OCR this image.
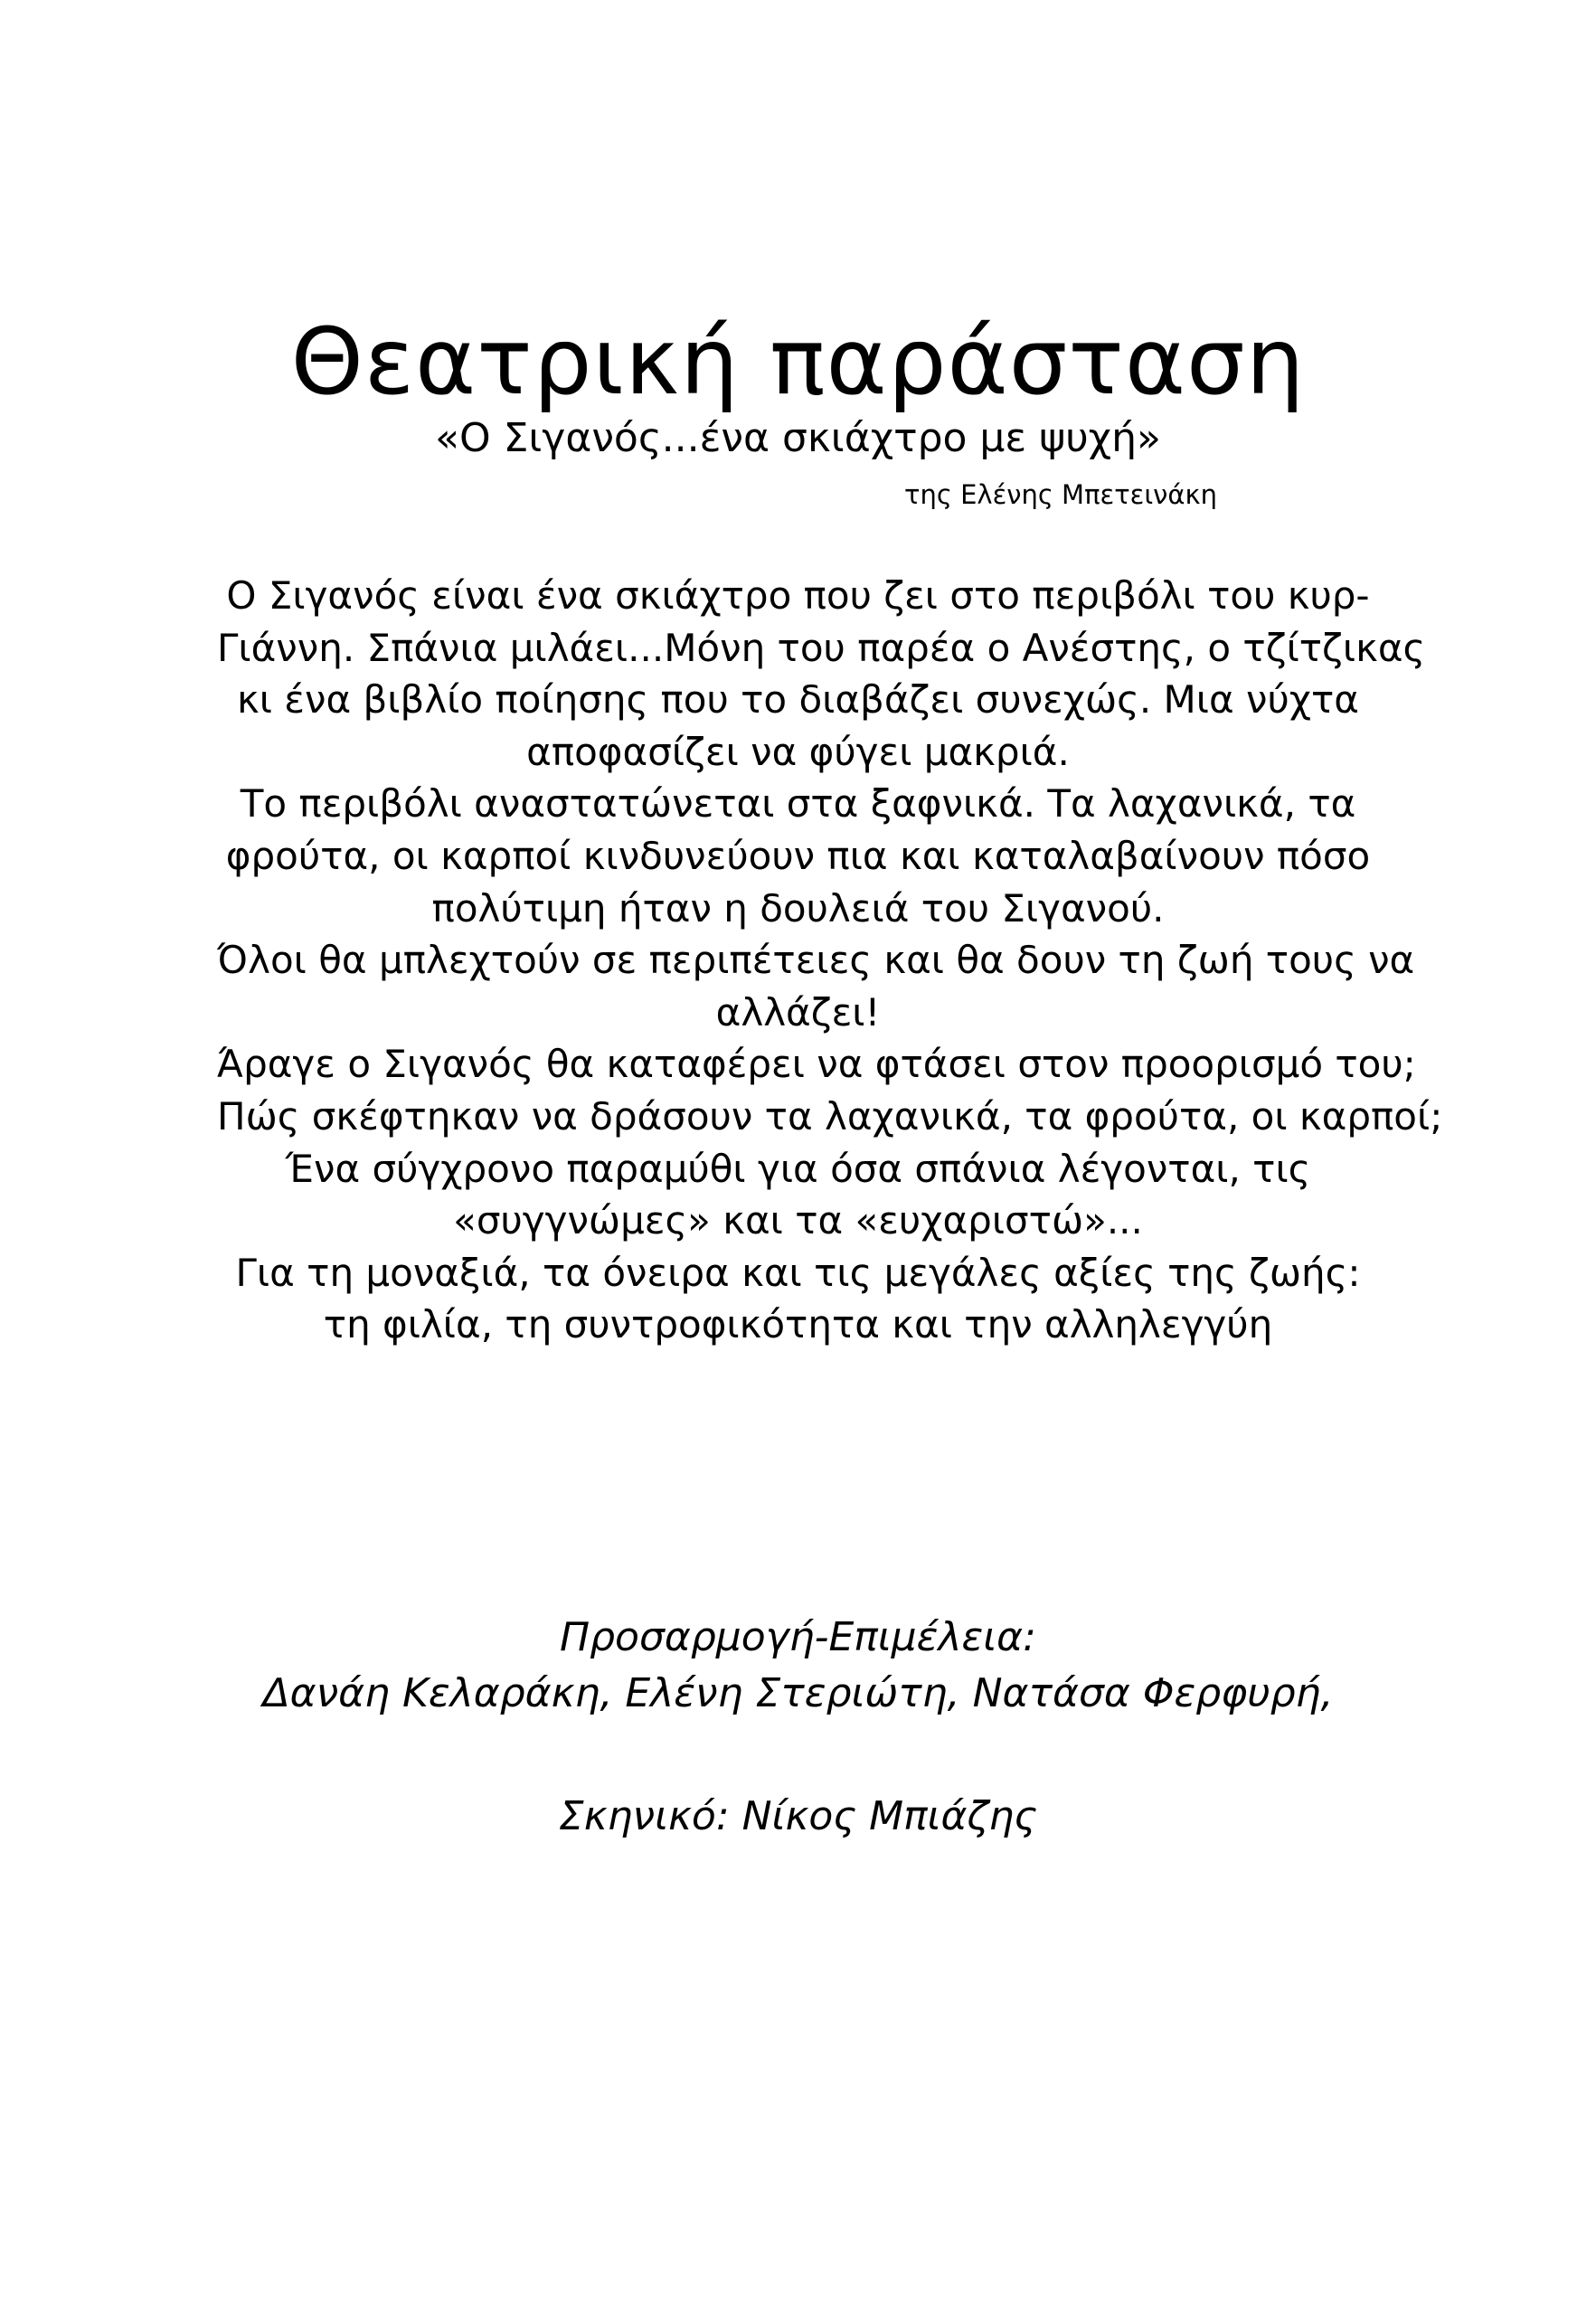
Θεατρική παράσταση
«Ο Σιγανός...ένα σκιάχτρο με ψυχή»
της Ελένης Μπετεινάκη
Ο Σιγανός είναι ένα σκιάχτρο που ζει στο περιβόλι του κυρ-
Γιάννη. Σπάνια μιλάει...Μόνη του παρέα ο Ανέστης, ο τζίτζικας
κι ένα βιβλίο ποίησης που το διαβάζει συνεχώς. Μια νύχτα
αποφασίζει να φύγει μακριά.
Το περιβόλι αναστατώνεται στα ξαφνικά. Τα λαχανικά, τα
φρούτα, οι καρποί κινδυνεύουν πια και καταλαβαίνουν πόσο
πολύτιμη ήταν η δουλειά του Σιγανού.
Όλοι θα μπλεχτούν σε περιπέτειες και θα δουν τη ζωή τους να
αλλάζει!
Άραγε ο Σιγανός θα καταφέρει να φτάσει στον προορισμό του;
Πώς σκέφτηκαν να δράσουν τα λαχανικά, τα φρούτα, οι καρποί;
Ένα σύγχρονο παραμύθι για όσα σπάνια λέγονται, τις
«συγγνώμες» και τα «ευχαριστώ»...
Για τη μοναξιά, τα όνειρα και τις μεγάλες αξίες της ζωής:
τη φιλία, τη συντροφικότητα και την αλληλεγγύη
Προσαρμογή-Επιμέλεια:
Δανάη Κελαράκη, Ελένη Στεριώτη, Νατάσα Φερφυρή,
Σκηνικό: Νίκος Μπιάζης
